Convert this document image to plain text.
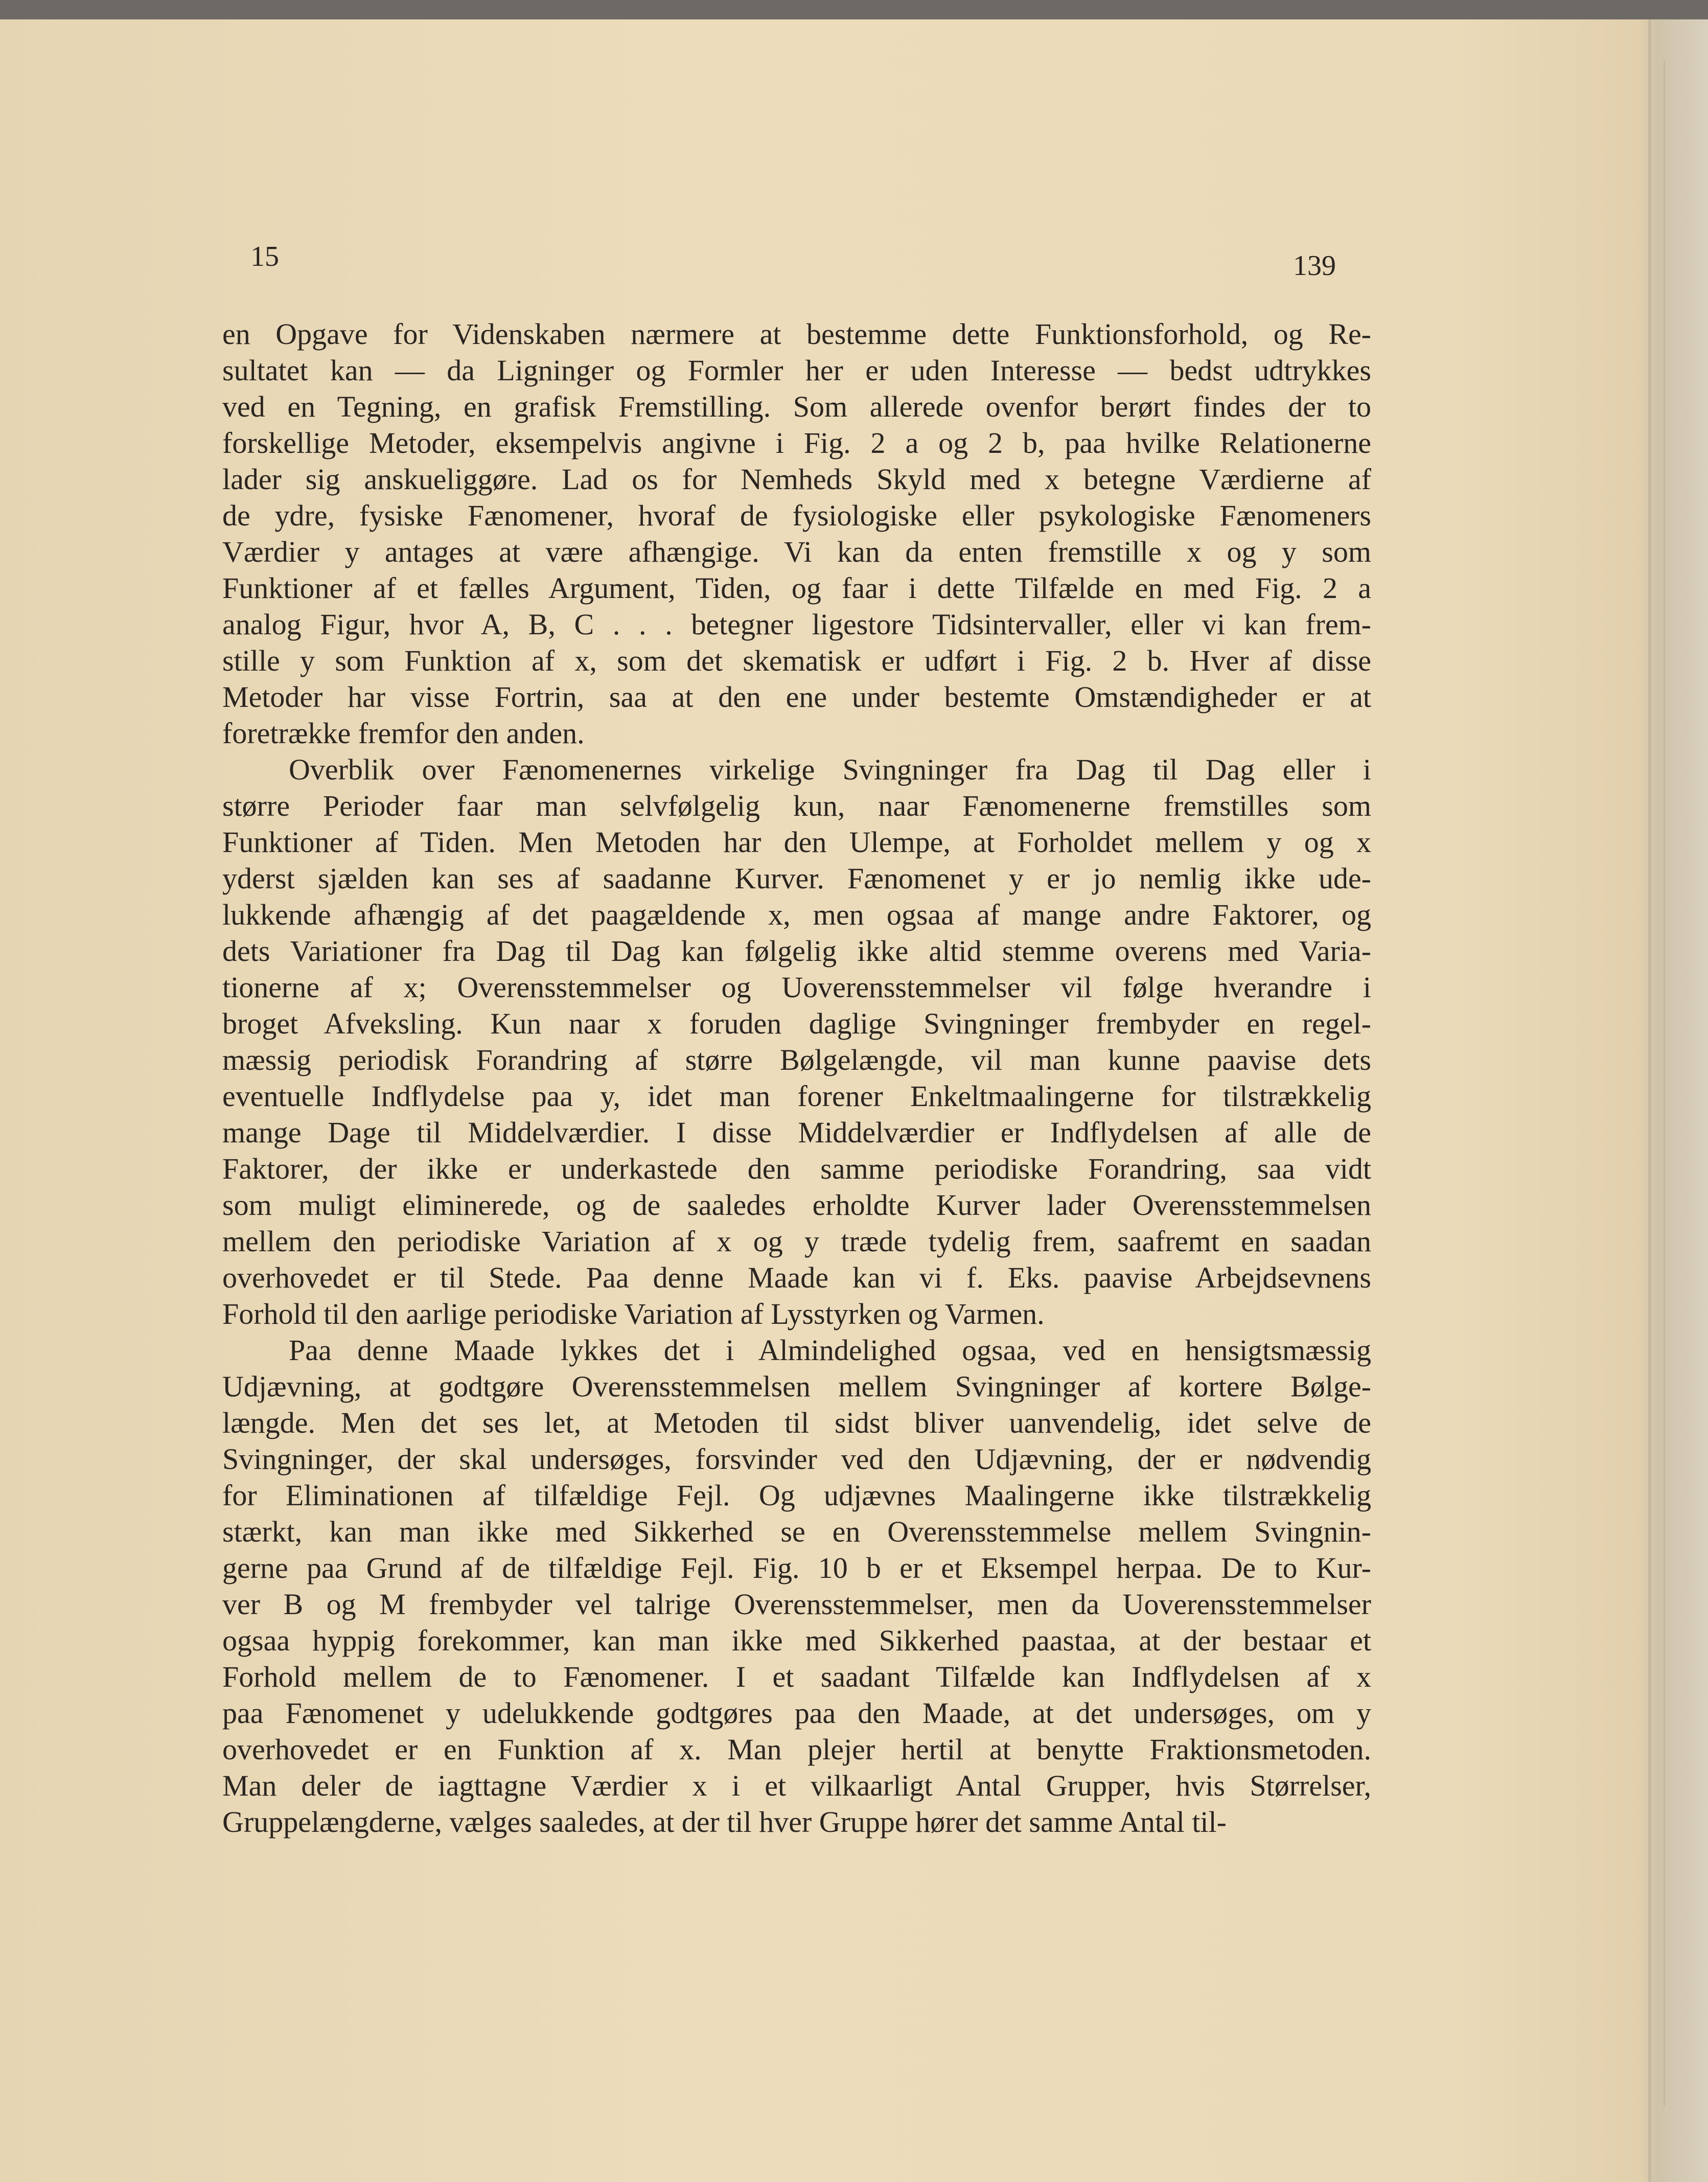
15	139
en Opgave for Videnskaben nærmere at bestemme dette Funktionsforhold, og Re-
sultatet kan — da Ligninger og Formler her er uden Interesse — bedst udtrykkes
ved en Tegning, en grafisk Fremstilling. Som allerede ovenfor berørt findes der to
forskellige Metoder, eksempelvis angivne i Fig. 2 a og 2 b, paa hvilke Relationerne
lader sig anskueliggøre. Lad os for Nemheds Skyld med x betegne Værdierne af
de ydre, fysiske Fænomener, hvoraf de fysiologiske eller psykologiske Fænomeners
Værdier y antages at være afhængige. Vi kan da enten fremstille x og y som
Funktioner af et fælles Argument, Tiden, og faar i dette Tilfælde en med Fig. 2 a
analog Figur, hvor A, B, C . . . betegner ligestore Tidsintervaller, eller vi kan frem-
stille y som Funktion af x, som det skematisk er udført i Fig. 2 b. Hver af disse
Metoder har visse Fortrin, saa at den ene under bestemte Omstændigheder er at
foretrække fremfor den anden.
Overblik over Fænomenernes virkelige Svingninger fra Dag til Dag eller i
større Perioder faar man selvfølgelig kun, naar Fænomenerne fremstilles som
Funktioner af Tiden. Men Metoden har den Ulempe, at Forholdet mellem y og x
yderst sjælden kan ses af saadanne Kurver. Fænomenet y er jo nemlig ikke ude-
lukkende afhængig af det paagældende x, men ogsaa af mange andre Faktorer, og
dets Variationer fra Dag til Dag kan følgelig ikke altid stemme overens med Varia-
tionerne af x; Overensstemmelser og Uoverensstemmelser vil følge hverandre i
broget Afveksling. Kun naar x foruden daglige Svingninger frembyder en regel-
mæssig periodisk Forandring af større Bølgelængde, vil man kunne paavise dets
eventuelle Indflydelse paa y, idet man forener Enkeltmaalingerne for tilstrækkelig
mange Dage til Middelværdier. I disse Middelværdier er Indflydelsen af alle de
Faktorer, der ikke er underkastede den samme periodiske Forandring, saa vidt
som muligt eliminerede, og de saaledes erholdte Kurver lader Overensstemmelsen
mellem den periodiske Variation af x og y træde tydelig frem, saafremt en saadan
overhovedet er til Stede. Paa denne Maade kan vi f. Eks. paavise Arbejdsevnens
Forhold til den aarlige periodiske Variation af Lysstyrken og Varmen.
Paa denne Maade lykkes det i Almindelighed ogsaa, ved en hensigtsmæssig
Udjævning, at godtgøre Overensstemmelsen mellem Svingninger af kortere Bølge-
længde. Men det ses let, at Metoden til sidst bliver uanvendelig, idet selve de
Svingninger, der skal undersøges, forsvinder ved den Udjævning, der er nødvendig
for Eliminationen af tilfældige Fejl. Og udjævnes Maalingerne ikke tilstrækkelig
stærkt, kan man ikke med Sikkerhed se en Overensstemmelse mellem Svingnin-
gerne paa Grund af de tilfældige Fejl. Fig. 10 b er et Eksempel herpaa. De to Kur-
ver B og M frembyder vel talrige Overensstemmelser, men da Uoverensstemmelser
ogsaa hyppig forekommer, kan man ikke med Sikkerhed paastaa, at der bestaar et
Forhold mellem de to Fænomener. I et saadant Tilfælde kan Indflydelsen af x
paa Fænomenet y udelukkende godtgøres paa den Maade, at det undersøges, om y
overhovedet er en Funktion af x. Man plejer hertil at benytte Fraktionsmetoden.
Man deler de iagttagne Værdier x i et vilkaarligt Antal Grupper, hvis Størrelser,
Gruppelængderne, vælges saaledes, at der til hver Gruppe hører det samme Antal til-
